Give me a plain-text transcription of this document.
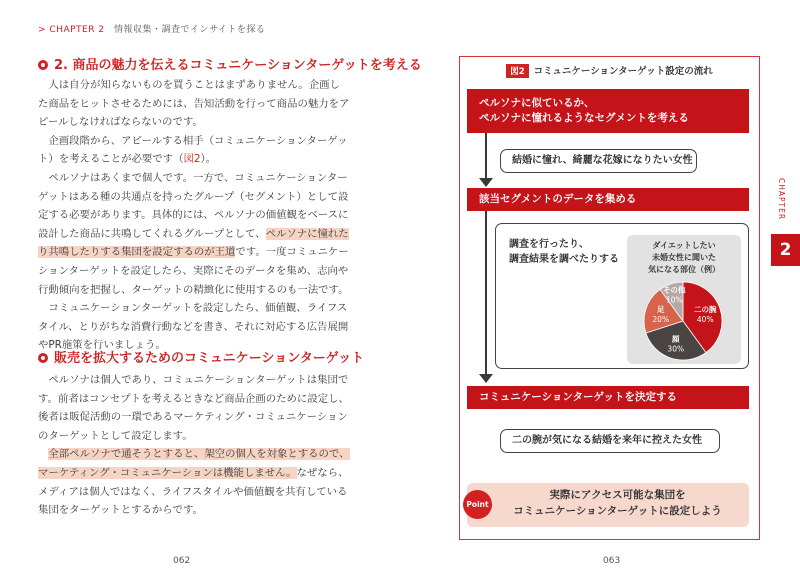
> CHAPTER 2 情報収集・調査でインサイトを探る
2. 商品の魅力を伝えるコミュニケーションターゲットを考える

人は自分が知らないものを買うことはまずありません。企画した商品をヒットさせるためには、告知活動を行って商品の魅力をアピールしなければならないのです。

企画段階から、アピールする相手（コミュニケーションターゲット）を考えることが必要です（図2）。

ペルソナはあくまで個人です。一方で、コミュニケーションターゲットはある種の共通点を持ったグループ（セグメント）として設定する必要があります。具体的には、ペルソナの価値観をベースに設計した商品に共鳴してくれるグループとして、ペルソナに憧れたり共鳴したりする集団を設定するのが王道です。一度コミュニケーションターゲットを設定したら、実際にそのデータを集め、志向や行動傾向を把握し、ターゲットの精緻化に使用するのも一法です。

コミュニケーションターゲットを設定したら、価値観、ライフスタイル、とりがちな消費行動などを書き、それに対応する広告展開やPR施策を行いましょう。

販売を拡大するためのコミュニケーションターゲット

ペルソナは個人であり、コミュニケーションターゲットは集団です。前者はコンセプトを考えるときなど商品企画のために設定し、後者は販促活動の一環であるマーケティング・コミュニケーションのターゲットとして設定します。

全部ペルソナで通そうとすると、架空の個人を対象とするので、マーケティング・コミュニケーションは機能しません。なぜなら、メディアは個人ではなく、ライフスタイルや価値観を共有している集団をターゲットとするからです。

062	063
図2 コミュニケーションターゲット設定の流れ
ペルソナに似ているか、
ペルソナに憧れるようなセグメントを考える
結婚に憧れ、綺麗な花嫁になりたい女性
該当セグメントのデータを集める
調査を行ったり、
調査結果を調べたりする
ダイエットしたい
未婚女性に聞いた
気になる部位（例）
二の腕
40%
顔
30%
足
20%
その他
10%
コミュニケーションターゲットを決定する
二の腕が気になる結婚を来年に控えた女性
Point
実際にアクセス可能な集団を
コミュニケーションターゲットに設定しよう
CHAPTER
2
